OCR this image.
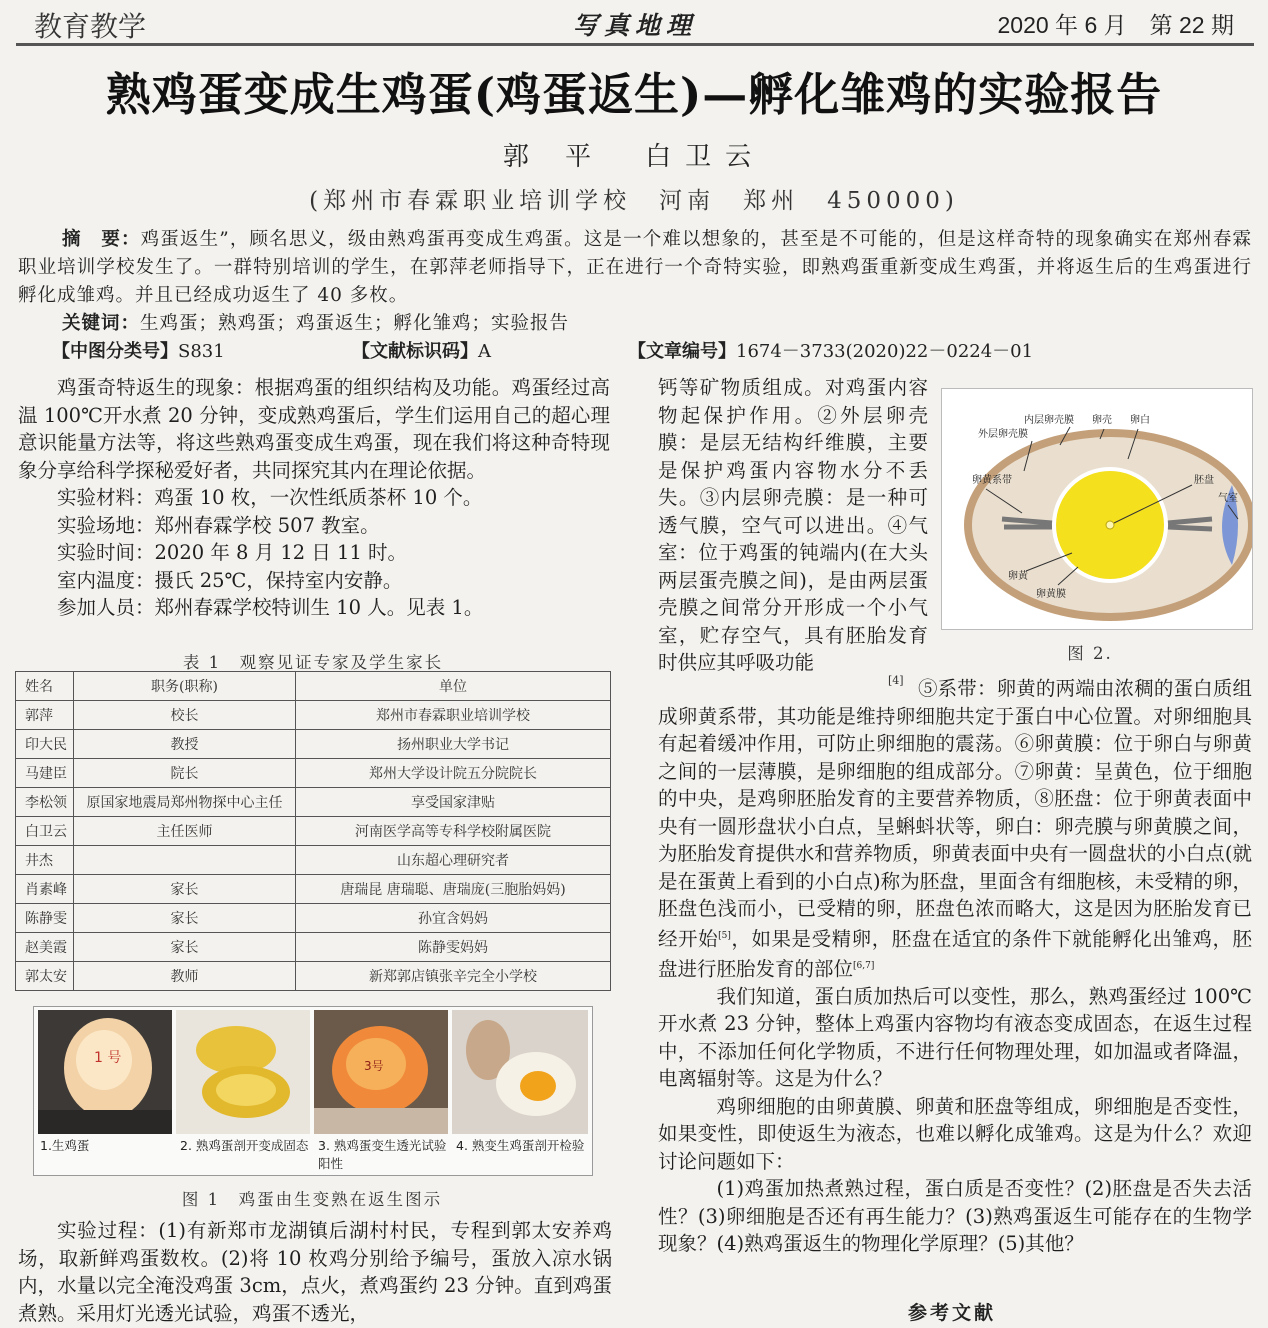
教育教学	写真地理	2020 年 6 月　第 22 期
熟鸡蛋变成生鸡蛋(鸡蛋返生)—孵化雏鸡的实验报告
郭 平　白卫云
(郑州市春霖职业培训学校　河南　郑州　450000)
摘　要：鸡蛋返生”，顾名思义，级由熟鸡蛋再变成生鸡蛋。这是一个难以想象的，甚至是不可能的，但是这样奇特的现象确实在郑州春霖职业培训学校发生了。一群特别培训的学生，在郭萍老师指导下，正在进行一个奇特实验，即熟鸡蛋重新变成生鸡蛋，并将返生后的生鸡蛋进行孵化成雏鸡。并且已经成功返生了 40 多枚。
关键词：生鸡蛋；熟鸡蛋；鸡蛋返生；孵化雏鸡；实验报告
【中图分类号】S831	【文献标识码】A	【文章编号】1674－3733(2020)22－0224－01

鸡蛋奇特返生的现象：根据鸡蛋的组织结构及功能。鸡蛋经过高温 100℃开水煮 20 分钟，变成熟鸡蛋后，学生们运用自己的超心理意识能量方法等，将这些熟鸡蛋变成生鸡蛋，现在我们将这种奇特现象分享给科学探秘爱好者，共同探究其内在理论依据。

实验材料：鸡蛋 10 枚，一次性纸质茶杯 10 个。

实验场地：郑州春霖学校 507 教室。

实验时间：2020 年 8 月 12 日 11 时。

室内温度：摄氏 25℃，保持室内安静。

参加人员：郑州春霖学校特训生 10 人。见表 1。

表 1　观察见证专家及学生家长
姓名	职务(职称)	单位
郭萍	校长	郑州市春霖职业培训学校
印大民	教授	扬州职业大学书记
马建臣	院长	郑州大学设计院五分院院长
李松领	原国家地震局郑州物探中心主任	享受国家津贴
白卫云	主任医师	河南医学高等专科学校附属医院
井杰		山东超心理研究者
肖素峰	家长	唐瑞昆 唐瑞聪、唐瑞庞(三胞胎妈妈)
陈静雯	家长	孙宜含妈妈
赵美霞	家长	陈静雯妈妈
郭太安	教师	新郑郭店镇张辛完全小学校
1 号
1.生鸡蛋	2. 熟鸡蛋剖开变成固态
3号
3. 熟鸡蛋变生透光试验阳性
4. 熟变生鸡蛋剖开检验
图 1　鸡蛋由生变熟在返生图示

实验过程：(1)有新郑市龙湖镇后湖村村民，专程到郭太安养鸡场，取新鲜鸡蛋数枚。(2)将 10 枚鸡分别给予编号，蛋放入凉水锅内，水量以完全淹没鸡蛋 3cm，点火，煮鸡蛋约 23 分钟。直到鸡蛋煮熟。采用灯光透光试验，鸡蛋不透光，

钙等矿物质组成。对鸡蛋内容物起保护作用。②外层卵壳膜：是层无结构纤维膜，主要是保护鸡蛋内容物水分不丢失。③内层卵壳膜：是一种可透气膜，空气可以进出。④气室：位于鸡蛋的钝端内(在大头两层蛋壳膜之间)，是由两层蛋壳膜之间常分开形成一个小气室，贮存空气，具有胚胎发育时供应其呼吸功能

[4]
内层卵壳膜 卵壳 卵白
外层卵壳膜
胚盘
卵黄系带
气室
卵黄
卵黄膜
图 2.

⑤系带：卵黄的两端由浓稠的蛋白质组成卵黄系带，其功能是维持卵细胞共定于蛋白中心位置。对卵细胞具有起着缓冲作用，可防止卵细胞的震荡。⑥卵黄膜：位于卵白与卵黄之间的一层薄膜，是卵细胞的组成部分。⑦卵黄：呈黄色，位于细胞的中央，是鸡卵胚胎发育的主要营养物质，⑧胚盘：位于卵黄表面中央有一圆形盘状小白点，呈蝌蚪状等，卵白：卵壳膜与卵黄膜之间，为胚胎发育提供水和营养物质，卵黄表面中央有一圆盘状的小白点(就是在蛋黄上看到的小白点)称为胚盘，里面含有细胞核，未受精的卵，胚盘色浅而小，已受精的卵，胚盘色浓而略大，这是因为胚胎发育已经开始[5]，如果是受精卵，胚盘在适宜的条件下就能孵化出雏鸡，胚盘进行胚胎发育的部位[6,7]

我们知道，蛋白质加热后可以变性，那么，熟鸡蛋经过 100℃开水煮 23 分钟，整体上鸡蛋内容物均有液态变成固态，在返生过程中，不添加任何化学物质，不进行任何物理处理，如加温或者降温，电离辐射等。这是为什么？

鸡卵细胞的由卵黄膜、卵黄和胚盘等组成，卵细胞是否变性，如果变性，即使返生为液态，也难以孵化成雏鸡。这是为什么？欢迎讨论问题如下：

(1)鸡蛋加热煮熟过程，蛋白质是否变性？(2)胚盘是否失去活性？(3)卵细胞是否还有再生能力？(3)熟鸡蛋返生可能存在的生物学现象？(4)熟鸡蛋返生的物理化学原理？(5)其他？

参考文献
